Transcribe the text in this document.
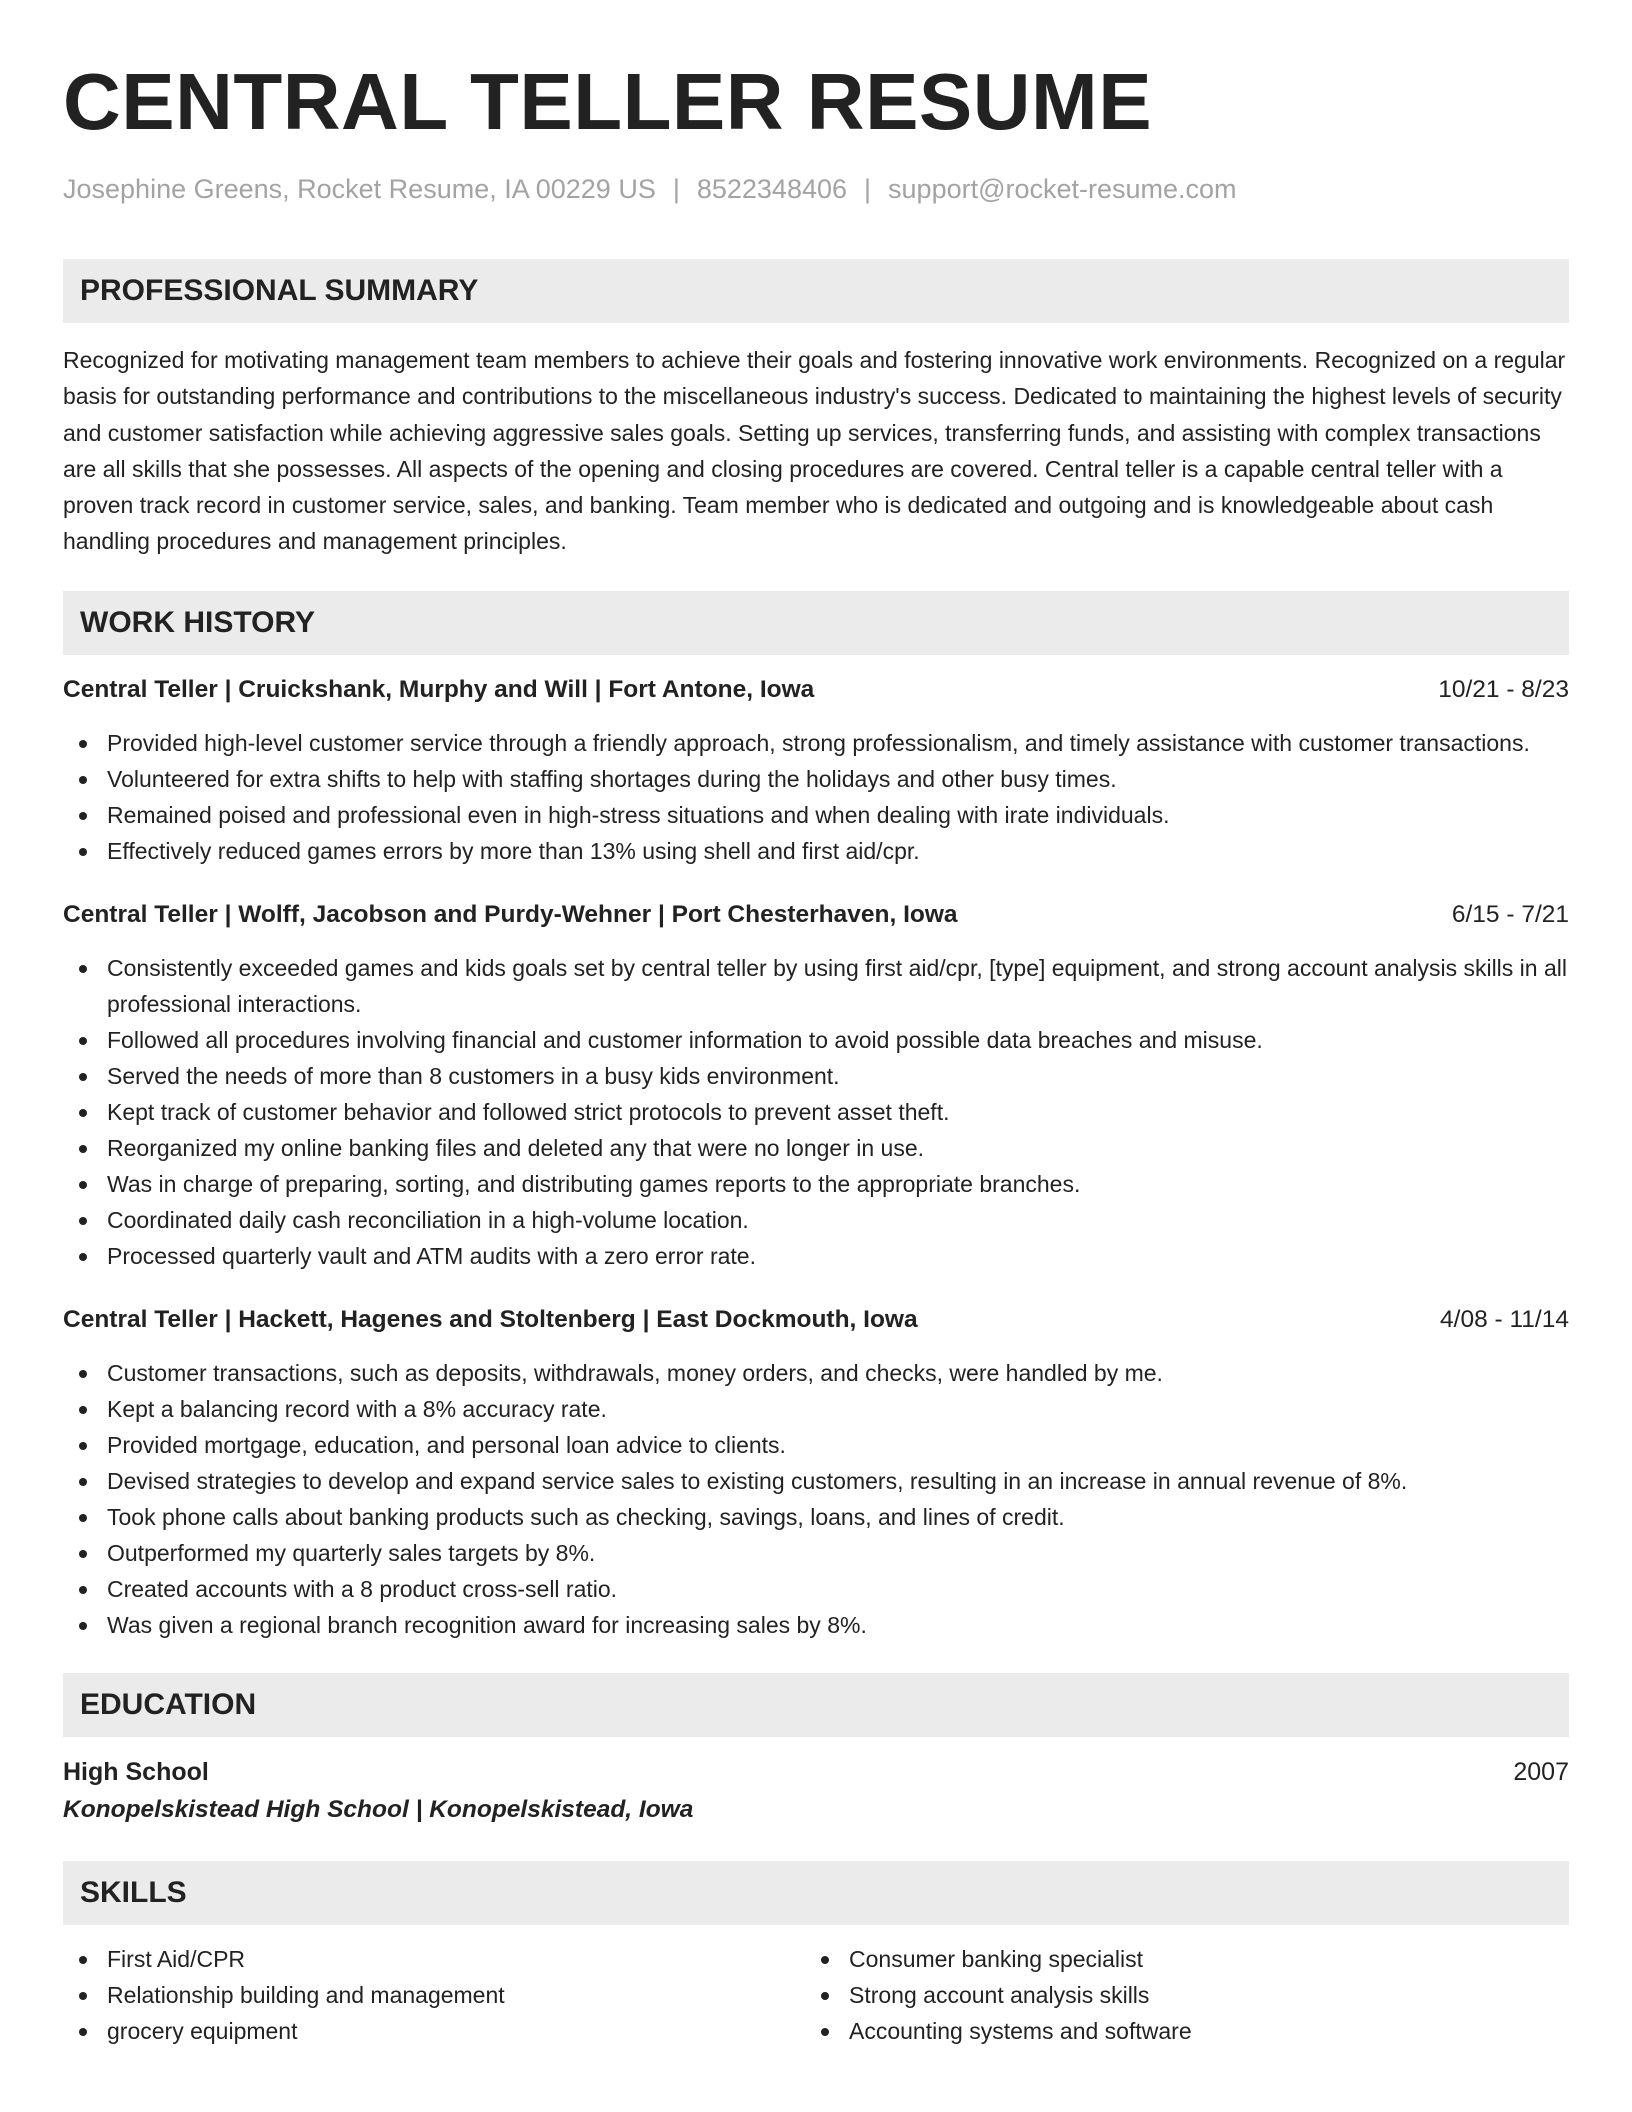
CENTRAL TELLER RESUME
Josephine Greens, Rocket Resume, IA 00229 US | 8522348406 | support@rocket-resume.com
PROFESSIONAL SUMMARY

Recognized for motivating management team members to achieve their goals and fostering innovative work environments. Recognized on a regular basis for outstanding performance and contributions to the miscellaneous industry's success. Dedicated to maintaining the highest levels of security and customer satisfaction while achieving aggressive sales goals. Setting up services, transferring funds, and assisting with complex transactions are all skills that she possesses. All aspects of the opening and closing procedures are covered. Central teller is a capable central teller with a proven track record in customer service, sales, and banking. Team member who is dedicated and outgoing and is knowledgeable about cash handling procedures and management principles.

WORK HISTORY
Central Teller | Cruickshank, Murphy and Will | Fort Antone, Iowa	10/21 - 8/23
Provided high-level customer service through a friendly approach, strong professionalism, and timely assistance with customer transactions.
Volunteered for extra shifts to help with staffing shortages during the holidays and other busy times.
Remained poised and professional even in high-stress situations and when dealing with irate individuals.
Effectively reduced games errors by more than 13% using shell and first aid/cpr.
Central Teller | Wolff, Jacobson and Purdy-Wehner | Port Chesterhaven, Iowa	6/15 - 7/21
Consistently exceeded games and kids goals set by central teller by using first aid/cpr, [type] equipment, and strong account analysis skills in all professional interactions.
Followed all procedures involving financial and customer information to avoid possible data breaches and misuse.
Served the needs of more than 8 customers in a busy kids environment.
Kept track of customer behavior and followed strict protocols to prevent asset theft.
Reorganized my online banking files and deleted any that were no longer in use.
Was in charge of preparing, sorting, and distributing games reports to the appropriate branches.
Coordinated daily cash reconciliation in a high-volume location.
Processed quarterly vault and ATM audits with a zero error rate.
Central Teller | Hackett, Hagenes and Stoltenberg | East Dockmouth, Iowa	4/08 - 11/14
Customer transactions, such as deposits, withdrawals, money orders, and checks, were handled by me.
Kept a balancing record with a 8% accuracy rate.
Provided mortgage, education, and personal loan advice to clients.
Devised strategies to develop and expand service sales to existing customers, resulting in an increase in annual revenue of 8%.
Took phone calls about banking products such as checking, savings, loans, and lines of credit.
Outperformed my quarterly sales targets by 8%.
Created accounts with a 8 product cross-sell ratio.
Was given a regional branch recognition award for increasing sales by 8%.
EDUCATION
High School	2007
Konopelskistead High School | Konopelskistead, Iowa
SKILLS
First Aid/CPR
Relationship building and management
grocery equipment
Consumer banking specialist
Strong account analysis skills
Accounting systems and software
